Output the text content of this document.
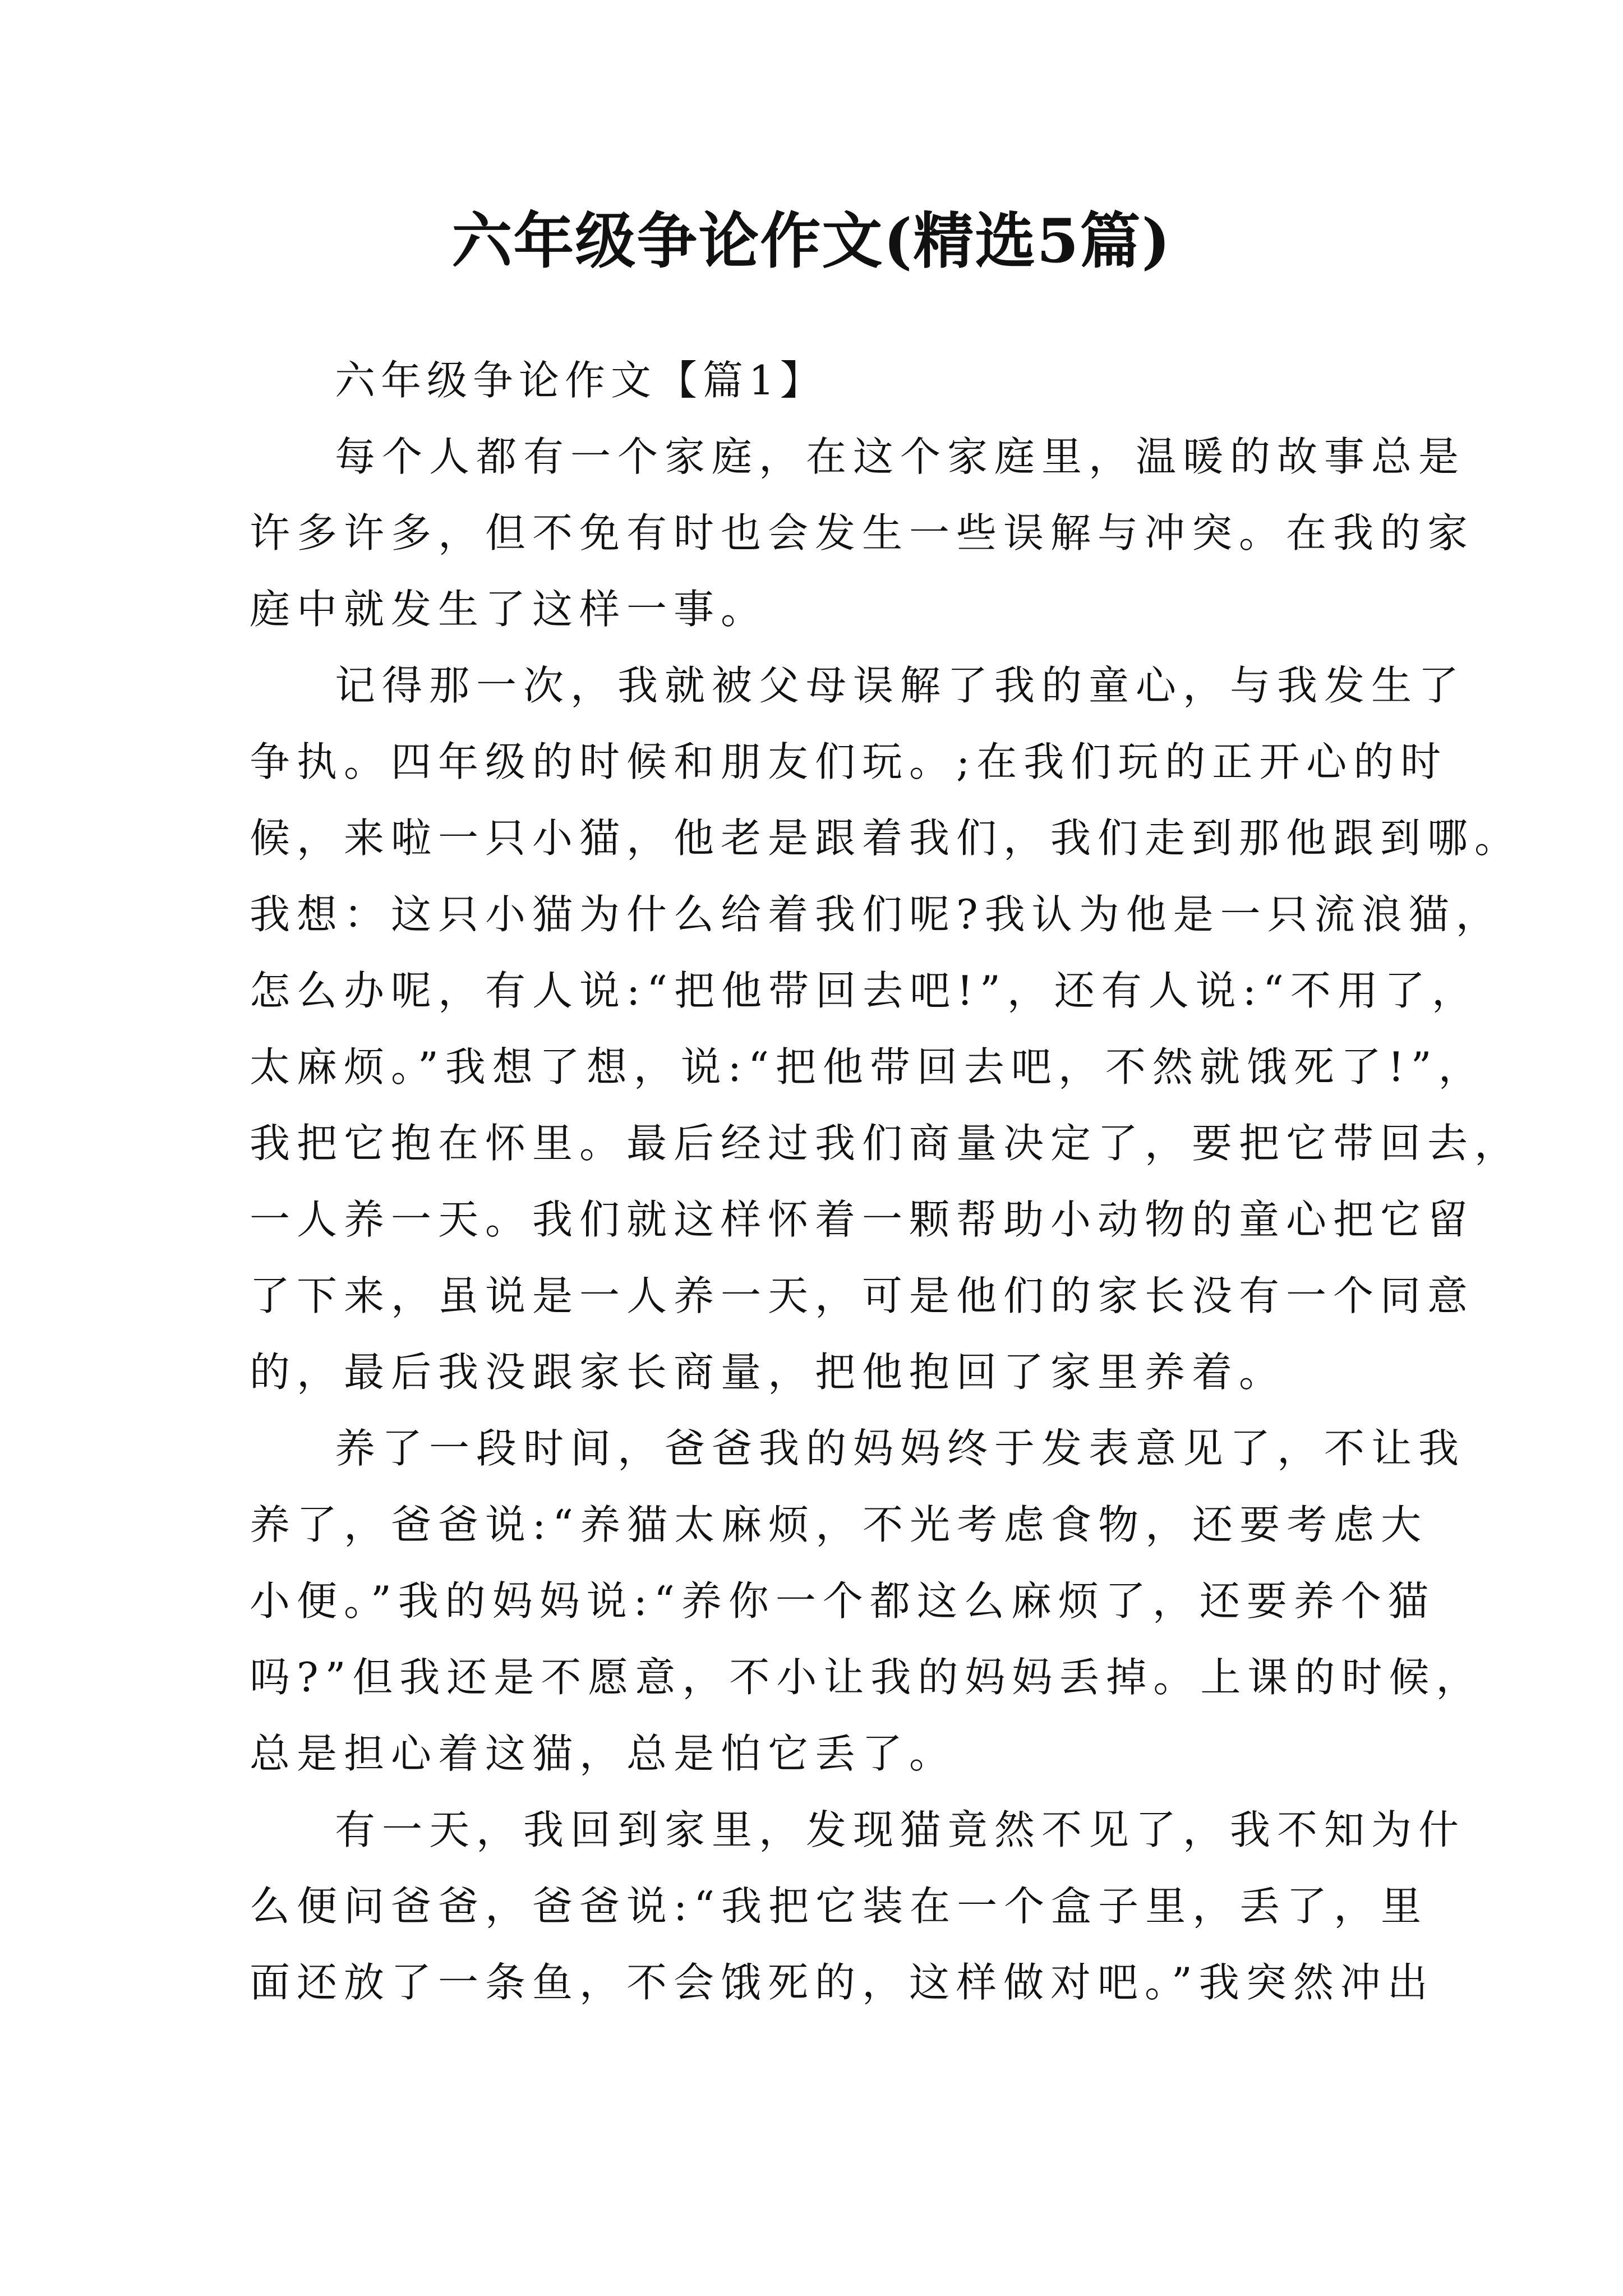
六年级争论作文(精选5篇)
六年级争论作文【篇1】
每个人都有一个家庭，在这个家庭里，温暖的故事总是
许多许多，但不免有时也会发生一些误解与冲突。在我的家
庭中就发生了这样一事。
记得那一次，我就被父母误解了我的童心，与我发生了
争执。四年级的时候和朋友们玩。;在我们玩的正开心的时
候，来啦一只小猫，他老是跟着我们，我们走到那他跟到哪。
我想：这只小猫为什么给着我们呢?我认为他是一只流浪猫，
怎么办呢，有人说:“把他带回去吧!”，还有人说:“不用了，
太麻烦。”我想了想，说:“把他带回去吧，不然就饿死了!”，
我把它抱在怀里。最后经过我们商量决定了，要把它带回去，
一人养一天。我们就这样怀着一颗帮助小动物的童心把它留
了下来，虽说是一人养一天，可是他们的家长没有一个同意
的，最后我没跟家长商量，把他抱回了家里养着。
养了一段时间，爸爸我的妈妈终于发表意见了，不让我
养了，爸爸说:“养猫太麻烦，不光考虑食物，还要考虑大
小便。”我的妈妈说:“养你一个都这么麻烦了，还要养个猫
吗?”但我还是不愿意，不小让我的妈妈丢掉。上课的时候，
总是担心着这猫，总是怕它丢了。
有一天，我回到家里，发现猫竟然不见了，我不知为什
么便问爸爸，爸爸说:“我把它装在一个盒子里，丢了，里
面还放了一条鱼，不会饿死的，这样做对吧。”我突然冲出
